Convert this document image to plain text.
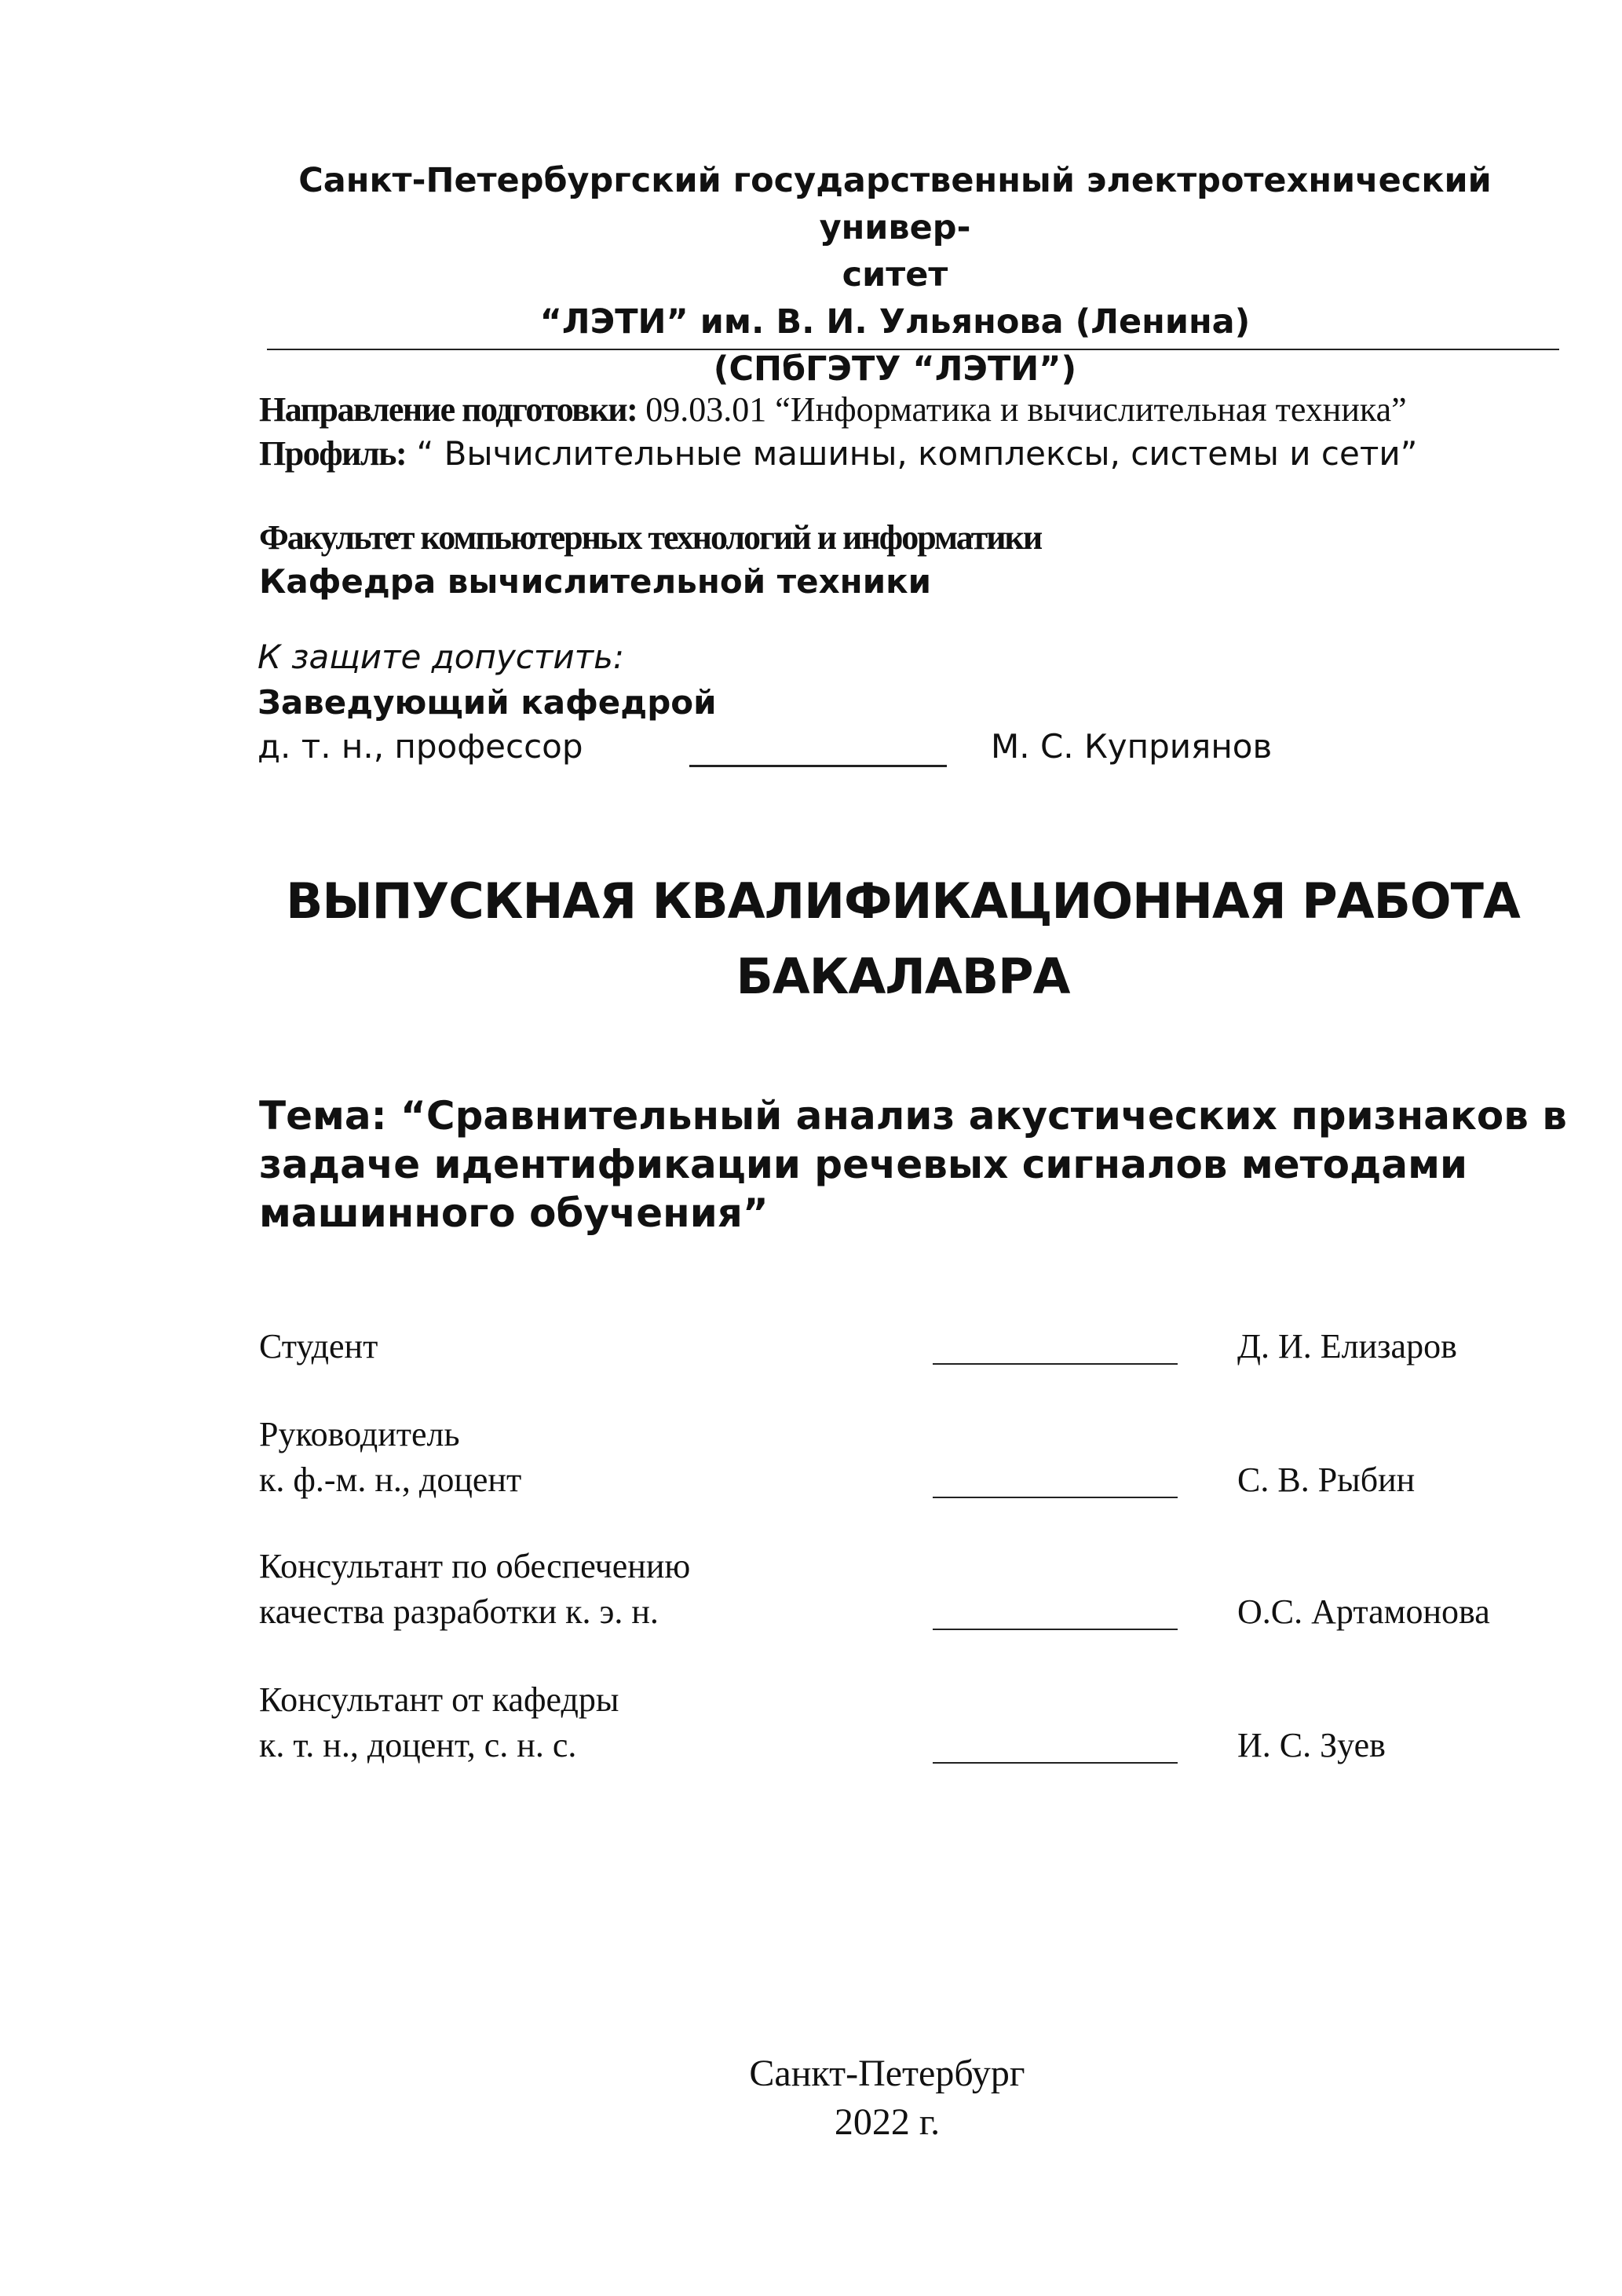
Санкт-Петербургский государственный электротехнический универ-
ситет
“ЛЭТИ” им. В. И. Ульянова (Ленина)
(СПбГЭТУ “ЛЭТИ”)
Направление подготовки: 09.03.01 “Информатика и вычислительная техника”
Профиль: “ Вычислительные машины, комплексы, системы и сети”
Факультет компьютерных технологий и информатики
Кафедра вычислительной техники
К защите допустить:
Заведующий кафедрой
д. т. н., профессор	М. С. Куприянов
ВЫПУСКНАЯ КВАЛИФИКАЦИОННАЯ РАБОТА
БАКАЛАВРА
Тема: “Сравнительный анализ акустических признаков в
задаче идентификации речевых сигналов методами
машинного обучения”
Студент	Д. И. Елизаров
Руководитель
к. ф.-м. н., доцент	С. В. Рыбин
Консультант по обеспечению
качества разработки к. э. н.	О.С. Артамонова
Консультант от кафедры
к. т. н., доцент, с. н. с.	И. С. Зуев
Санкт-Петербург
2022 г.
